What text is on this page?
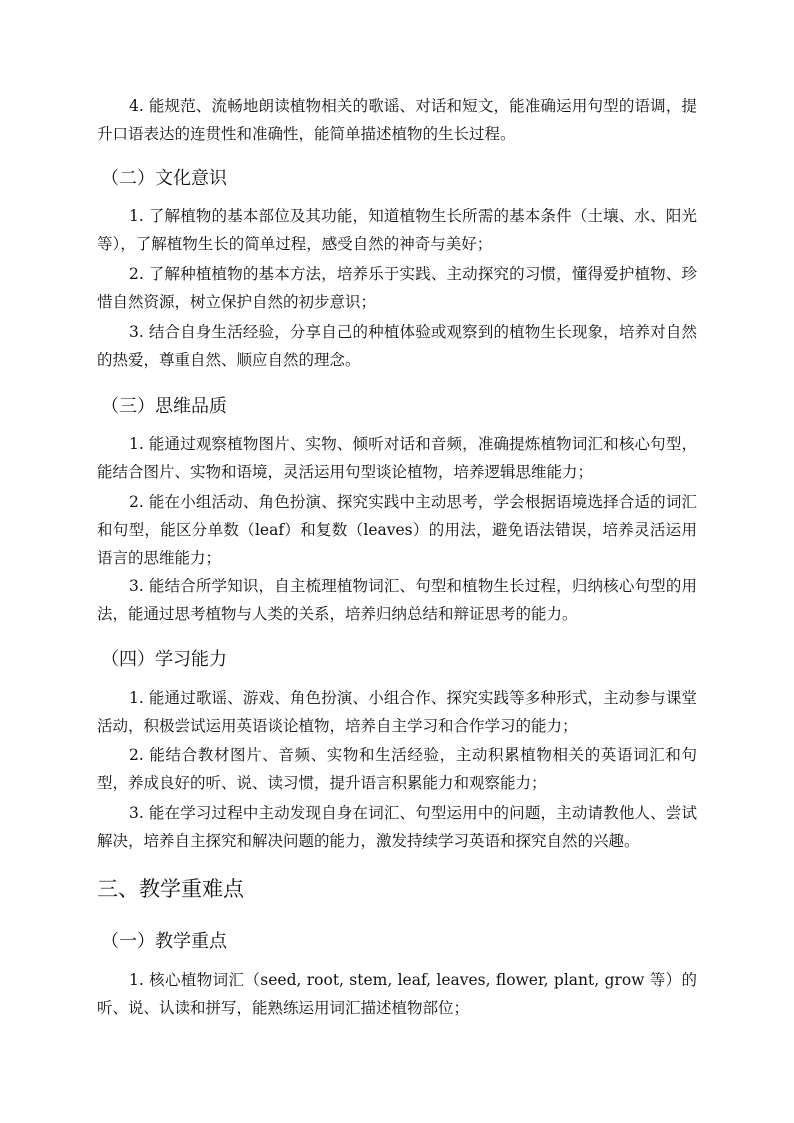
4. 能规范、流畅地朗读植物相关的歌谣、对话和短文，能准确运用句型的语调，提升口语表达的连贯性和准确性，能简单描述植物的生长过程。

（二）文化意识

1. 了解植物的基本部位及其功能，知道植物生长所需的基本条件（土壤、水、阳光等），了解植物生长的简单过程，感受自然的神奇与美好；

2. 了解种植植物的基本方法，培养乐于实践、主动探究的习惯，懂得爱护植物、珍惜自然资源，树立保护自然的初步意识；

3. 结合自身生活经验，分享自己的种植体验或观察到的植物生长现象，培养对自然的热爱，尊重自然、顺应自然的理念。

（三）思维品质

1. 能通过观察植物图片、实物、倾听对话和音频，准确提炼植物词汇和核心句型，能结合图片、实物和语境，灵活运用句型谈论植物，培养逻辑思维能力；

2. 能在小组活动、角色扮演、探究实践中主动思考，学会根据语境选择合适的词汇和句型，能区分单数（leaf）和复数（leaves）的用法，避免语法错误，培养灵活运用语言的思维能力；

3. 能结合所学知识，自主梳理植物词汇、句型和植物生长过程，归纳核心句型的用法，能通过思考植物与人类的关系，培养归纳总结和辩证思考的能力。

（四）学习能力

1. 能通过歌谣、游戏、角色扮演、小组合作、探究实践等多种形式，主动参与课堂活动，积极尝试运用英语谈论植物，培养自主学习和合作学习的能力；

2. 能结合教材图片、音频、实物和生活经验，主动积累植物相关的英语词汇和句型，养成良好的听、说、读习惯，提升语言积累能力和观察能力；

3. 能在学习过程中主动发现自身在词汇、句型运用中的问题，主动请教他人、尝试解决，培养自主探究和解决问题的能力，激发持续学习英语和探究自然的兴趣。

三、教学重难点
（一）教学重点

1. 核心植物词汇（seed, root, stem, leaf, leaves, flower, plant, grow 等）的听、说、认读和拼写，能熟练运用词汇描述植物部位；
